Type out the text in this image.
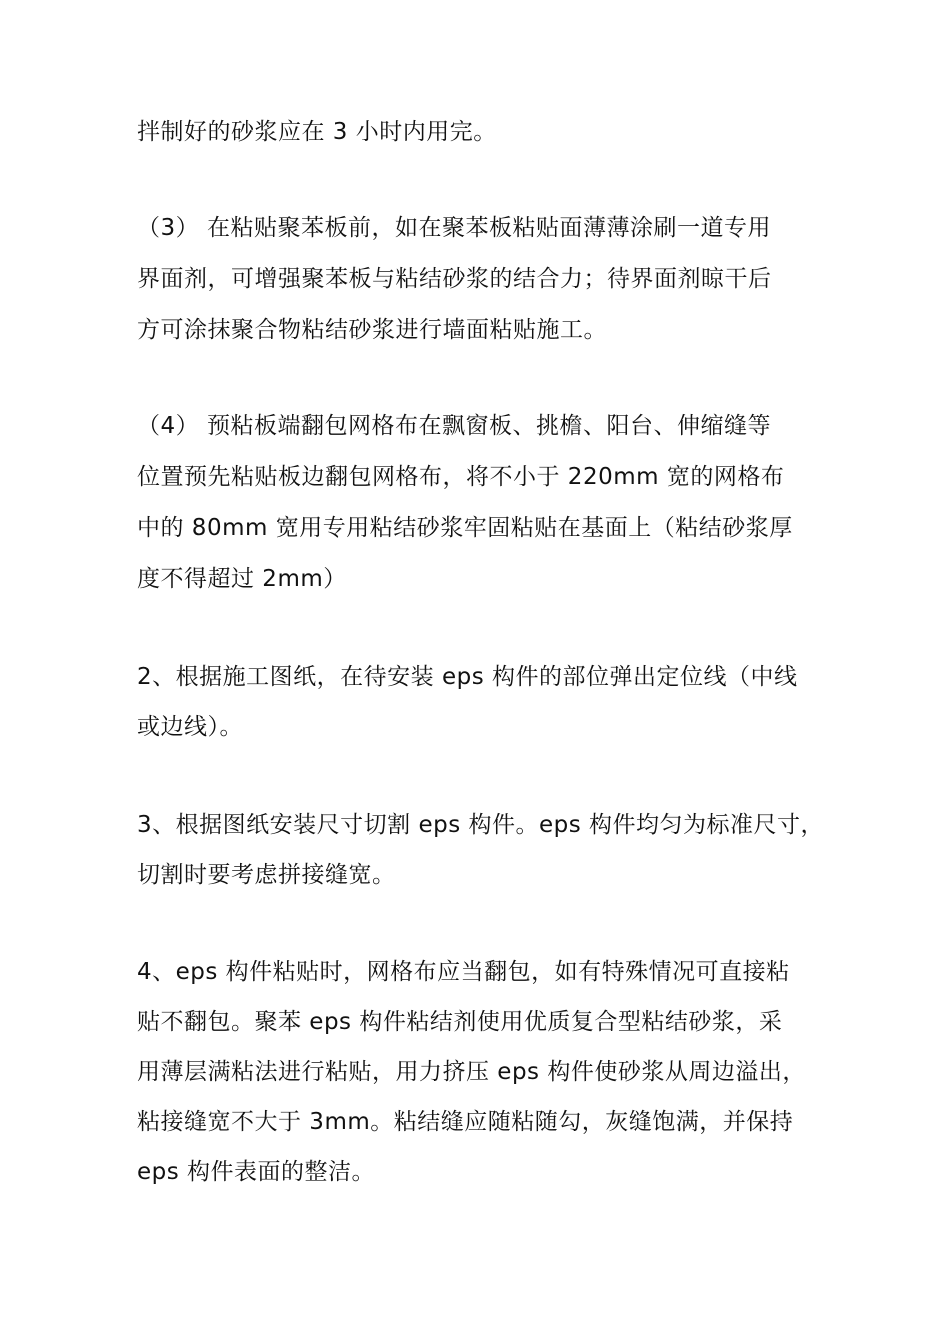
拌制好的砂浆应在 3 小时内用完。
（3） 在粘贴聚苯板前，如在聚苯板粘贴面薄薄涂刷一道专用
界面剂，可增强聚苯板与粘结砂浆的结合力；待界面剂晾干后
方可涂抹聚合物粘结砂浆进行墙面粘贴施工。
（4） 预粘板端翻包网格布在飘窗板、挑檐、阳台、伸缩缝等
位置预先粘贴板边翻包网格布，将不小于 220mm 宽的网格布
中的 80mm 宽用专用粘结砂浆牢固粘贴在基面上（粘结砂浆厚
度不得超过 2mm）
2、根据施工图纸，在待安装 eps 构件的部位弹出定位线（中线
或边线）。
3、根据图纸安装尺寸切割 eps 构件。eps 构件均匀为标准尺寸，
切割时要考虑拼接缝宽。
4、eps 构件粘贴时，网格布应当翻包，如有特殊情况可直接粘
贴不翻包。聚苯 eps 构件粘结剂使用优质复合型粘结砂浆，采
用薄层满粘法进行粘贴，用力挤压 eps 构件使砂浆从周边溢出，
粘接缝宽不大于 3mm。粘结缝应随粘随勾，灰缝饱满，并保持
eps 构件表面的整洁。
